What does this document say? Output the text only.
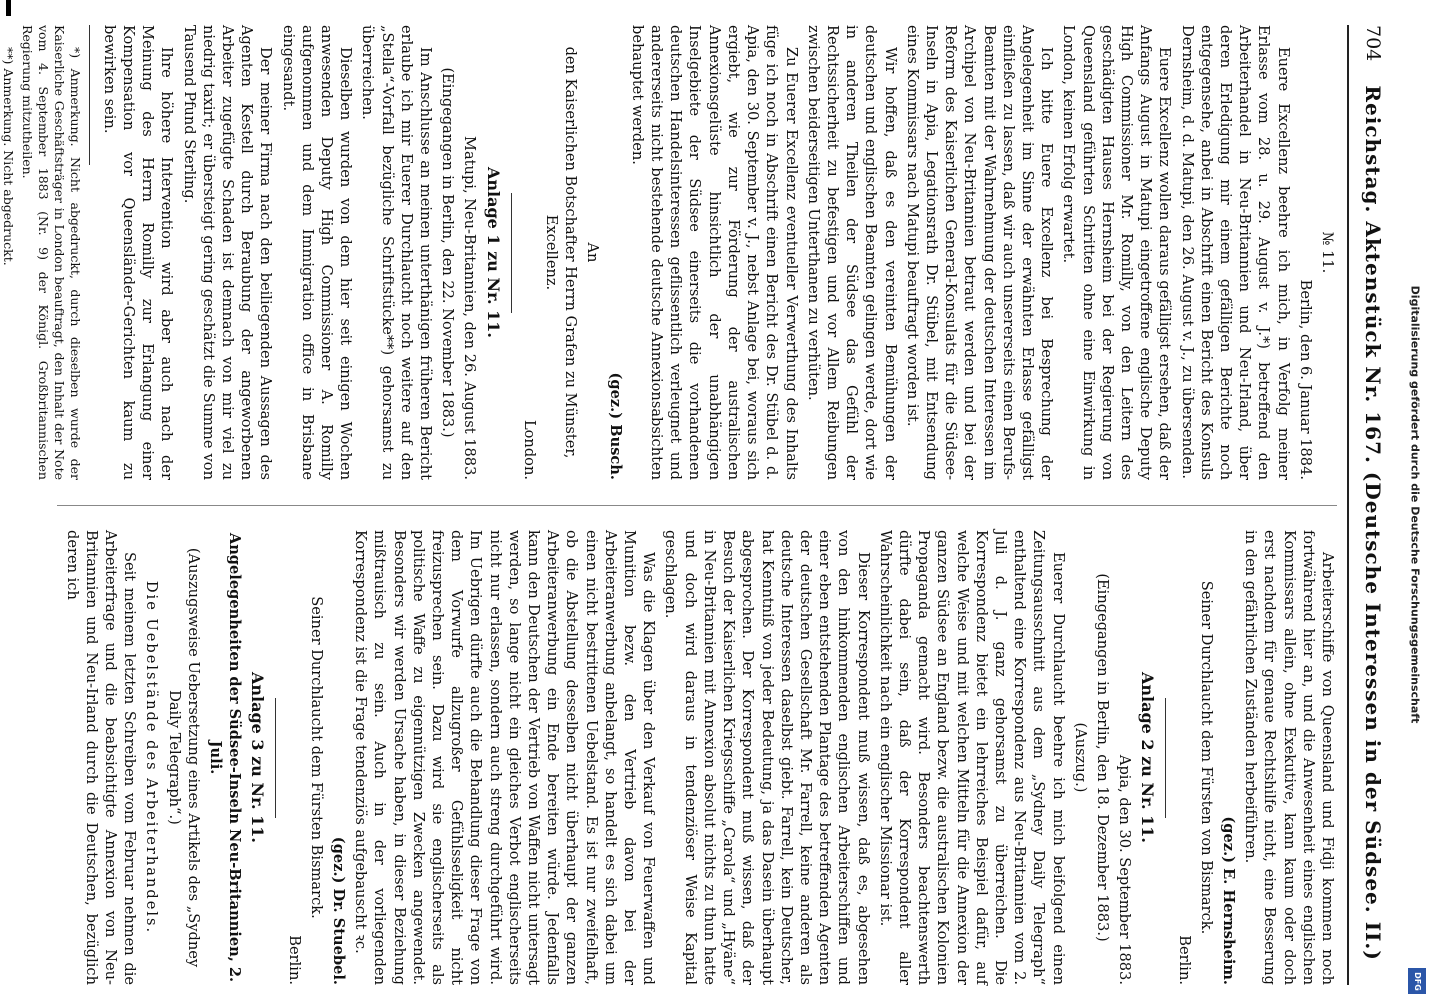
Digitalisierung gefördert durch die Deutsche Forschungsgemeinschaft
DFG
704
Reichstag. Aktenstück Nr. 167. (Deutsche Interessen in der Südsee. II.)

№ 11.

Berlin, den 6. Januar 1884.

Euere Excellenz beehre ich mich, in Verfolg meiner Erlasse vom 28. u. 29. August v. J.*) betreffend den Arbeiterhandel in Neu-Britannien und Neu-Irland, über deren Erledigung mir einem gefälligen Berichte noch entgegensehe, anbei in Abschrift einen Bericht des Konsuls Dernsheim, d. d. Matupi, den 26. August v. J., zu übersenden.

Euere Excellenz wollen daraus gefälligst ersehen, daß der Anfangs August in Matupi eingetroffene englische Deputy High Commissioner Mr. Romilly, von den Leitern des geschädigten Hauses Hernsheim bei der Regierung von Queensland geführten Schritten ohne eine Einwirkung in London, keinen Erfolg erwartet.

Ich bitte Euere Excellenz bei Besprechung der Angelegenheit im Sinne der erwähnten Erlasse gefälligst einfließen zu lassen, daß wir auch unsererseits einen Berufs-Beamten mit der Wahrnehmung der deutschen Interessen im Archipel von Neu-Britannien betraut werden und bei der Reform des Kaiserlichen General-Konsulats für die Südsee-Inseln in Apia, Legationsrath Dr. Stübel, mit Entsendung eines Kommissars nach Matupi beauftragt worden ist.

Wir hoffen, daß es den vereinten Bemühungen der deutschen und englischen Beamten gelingen werde, dort wie in anderen Theilen der Südsee das Gefühl der Rechtssicherheit zu befestigen und vor Allem Reibungen zwischen beiderseitigen Unterthanen zu verhüten.

Zu Euerer Excellenz eventueller Verwerthung des Inhalts füge ich noch in Abschrift einen Bericht des Dr. Stübel d. d. Apia, den 30. September v. J., nebst Anlage bei, woraus sich ergiebt, wie zur Förderung der australischen Annexionsgelüste hinsichtlich der unabhängigen Inselgebiete der Südsee einerseits die vorhandenen deutschen Handelsinteressen geflissentlich verleugnet und andererseits nicht bestehende deutsche Annexionsabsichten behauptet werden.

(gez.) Busch.

An

den Kaiserlichen Botschafter Herrn Grafen zu Münster, Excellenz.

London.

Anlage 1 zu Nr. 11.

Matupi, Neu-Britannien, den 26. August 1883.

(Eingegangen in Berlin, den 22. November 1883.)

Im Anschlusse an meinen unterthänigen früheren Bericht erlaube ich mir Euerer Durchlaucht noch weitere auf den „Stella“-Vorfall bezügliche Schriftstücke**) gehorsamst zu überreichen.

Dieselben wurden von dem hier seit einigen Wochen anwesenden Deputy High Commissioner A. Romilly aufgenommen und dem Immigration office in Brisbane eingesandt.

Der meiner Firma nach den beiliegenden Aussagen des Agenten Kestell durch Beraubung der angeworbenen Arbeiter zugefügte Schaden ist demnach von mir viel zu niedrig taxirt; er übersteigt gering geschätzt die Summe von Tausend Pfund Sterling.

Ihre höhere Intervention wird aber auch nach der Meinung des Herrn Romilly zur Erlangung einer Kompensation vor Queensländer-Gerichten kaum zu bewirken sein.

*) Anmerkung. Nicht abgedruckt, durch dieselben wurde der Kaiserliche Geschäftsträger in London beauftragt, den Inhalt der Note vom 4. September 1883 (Nr. 9) der Königl. Großbritannischen Regierung mitzutheilen.

**) Anmerkung. Nicht abgedruckt.

Arbeiterschiffe von Queensland und Fidji kommen noch fortwährend hier an, und die Anwesenheit eines englischen Kommissars allein, ohne Exekutive, kann kaum oder doch erst nachdem für genaue Rechtshilfe nicht, eine Besserung in den gefährlichen Zuständen herbeiführen.

(gez.) E. Hernsheim.

Seiner Durchlaucht dem Fürsten von Bismarck.

Berlin.

Anlage 2 zu Nr. 11.

Apia, den 30. September 1883.

(Eingegangen in Berlin, den 18. Dezember 1883.)

(Auszug.)

Euerer Durchlaucht beehre ich mich beifolgend einen Zeitungsausschnitt aus dem „Sydney Daily Telegraph“ enthaltend eine Korrespondenz aus Neu-Britannien vom 2. Juli d. J. ganz gehorsamst zu überreichen. Die Korrespondenz bietet ein lehrreiches Beispiel dafür, auf welche Weise und mit welchen Mitteln für die Annexion der ganzen Südsee an England bezw. die australischen Kolonien Propaganda gemacht wird. Besonders beachtenswerth dürfte dabei sein, daß der Korrespondent aller Wahrscheinlichkeit nach ein englischer Missionar ist.

Dieser Korrespondent muß wissen, daß es, abgesehen von den hinkommenden englischen Arbeiterschiffen und einer eben entstehenden Plantage des betreffenden Agenten der deutschen Gesellschaft Mr. Farrell, keine anderen als deutsche Interessen daselbst giebt. Farrell, kein Deutscher, hat Kenntniß von jeder Bedeutung, ja das Dasein überhaupt abgesprochen. Der Korrespondent muß wissen, daß der Besuch der Kaiserlichen Kriegsschiffe „Carola“ und „Hyäne“ in Neu-Britannien mit Annexion absolut nichts zu thun hatte und doch wird daraus in tendenziöser Weise Kapital geschlagen.

Was die Klagen über den Verkauf von Feuerwaffen und Munition bezw. den Vertrieb davon bei der Arbeiteranwerbung anbelangt, so handelt es sich dabei um einen nicht bestrittenen Uebelstand. Es ist nur zweifelhaft, ob die Abstellung desselben nicht überhaupt der ganzen Arbeiteranwerbung ein Ende bereiten würde. Jedenfalls kann den Deutschen der Vertrieb von Waffen nicht untersagt werden, so lange nicht ein gleiches Verbot englischerseits nicht nur erlassen, sondern auch streng durchgeführt wird. Im Uebrigen dürfte auch die Behandlung dieser Frage von dem Vorwurfe allzugroßer Gefühlsseligkeit nicht freizusprechen sein. Dazu wird sie englischerseits als politische Waffe zu eigennützigen Zwecken angewendet. Besonders wir werden Ursache haben, in dieser Beziehung mißtrauisch zu sein. Auch in der vorliegenden Korrespondenz ist die Frage tendenziös aufgebauscht ꝛc.

(gez.) Dr. Stuebel.

Seiner Durchlaucht dem Fürsten Bismarck.

Berlin.

Anlage 3 zu Nr. 11.

Angelegenheiten der Südsee-Inseln Neu-Britannien, 2. Juli.

(Auszugsweise Uebersetzung eines Artikels des „Sydney Daily Telegraph“.)

Die Uebelstände des Arbeiterhandels.

Seit meinem letzten Schreiben vom Februar nehmen die Arbeiterfrage und die beabsichtigte Annexion von Neu-Britannien und Neu-Irland durch die Deutschen, bezüglich deren ich
